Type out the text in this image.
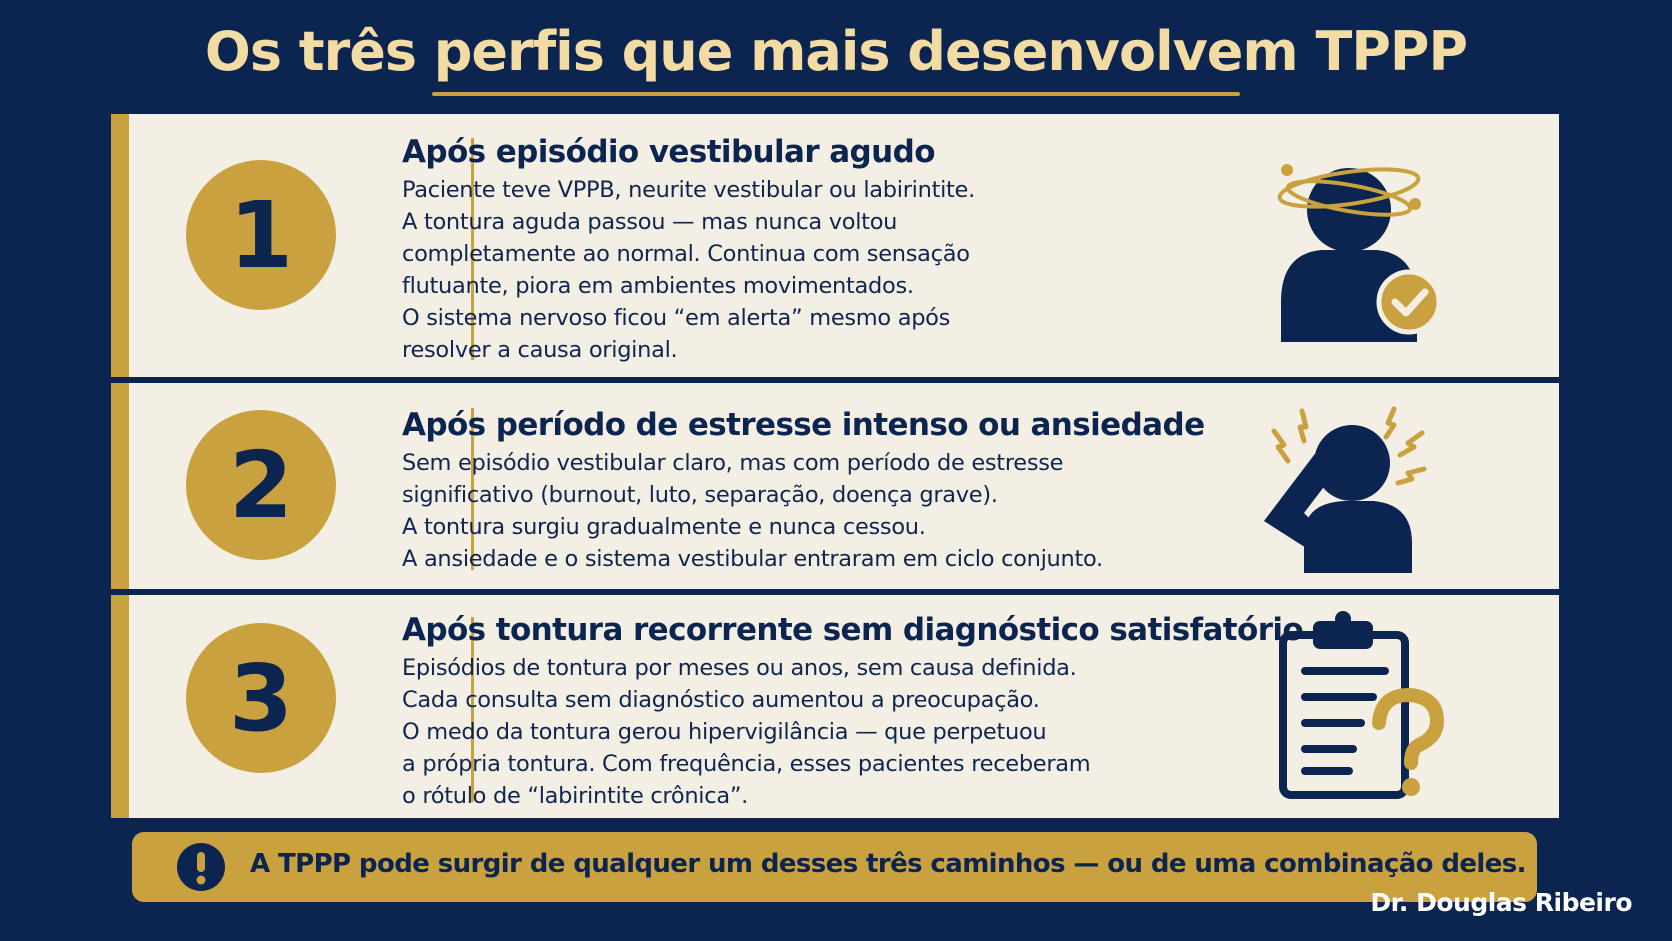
Os três perfis que mais desenvolvem TPPP
1
Após episódio vestibular agudo
Paciente teve VPPB, neurite vestibular ou labirintite.
A tontura aguda passou — mas nunca voltou
completamente ao normal. Continua com sensação
flutuante, piora em ambientes movimentados.
O sistema nervoso ficou “em alerta” mesmo após
resolver a causa original.
2
Após período de estresse intenso ou ansiedade
Sem episódio vestibular claro, mas com período de estresse
significativo (burnout, luto, separação, doença grave).
A tontura surgiu gradualmente e nunca cessou.
A ansiedade e o sistema vestibular entraram em ciclo conjunto.
3
Após tontura recorrente sem diagnóstico satisfatório
Episódios de tontura por meses ou anos, sem causa definida.
Cada consulta sem diagnóstico aumentou a preocupação.
O medo da tontura gerou hipervigilância — que perpetuou
a própria tontura. Com frequência, esses pacientes receberam
o rótulo de “labirintite crônica”.
A TPPP pode surgir de qualquer um desses três caminhos — ou de uma combinação deles.
Dr. Douglas Ribeiro
